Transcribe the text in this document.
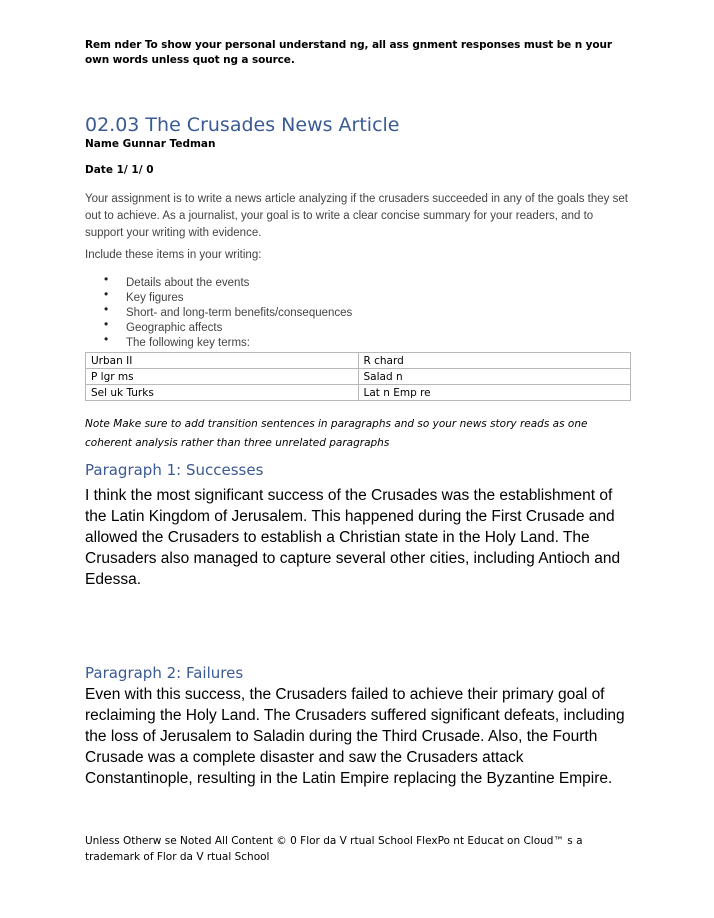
Rem nder To show your personal understand ng, all ass gnment responses must be n your own words unless quot ng a source.
02.03 The Crusades News Article
Name Gunnar Tedman
Date 1/ 1/ 0
Your assignment is to write a news article analyzing if the crusaders succeeded in any of the goals they set out to achieve. As a journalist, your goal is to write a clear concise summary for your readers, and to support your writing with evidence.
Include these items in your writing:
• Details about the events
• Key figures
• Short- and long-term benefits/consequences
• Geographic affects
• The following key terms:
Urban II	R chard
P lgr ms	Salad n
Sel uk Turks	Lat n Emp re
Note Make sure to add transition sentences in paragraphs and so your news story reads as one coherent analysis rather than three unrelated paragraphs
Paragraph 1: Successes
I think the most significant success of the Crusades was the establishment of the Latin Kingdom of Jerusalem. This happened during the First Crusade and allowed the Crusaders to establish a Christian state in the Holy Land. The Crusaders also managed to capture several other cities, including Antioch and Edessa.
Paragraph 2: Failures
Even with this success, the Crusaders failed to achieve their primary goal of reclaiming the Holy Land. The Crusaders suffered significant defeats, including the loss of Jerusalem to Saladin during the Third Crusade. Also, the Fourth Crusade was a complete disaster and saw the Crusaders attack Constantinople, resulting in the Latin Empire replacing the Byzantine Empire.
Unless Otherw se Noted All Content © 0 Flor da V rtual School FlexPo nt Educat on Cloud™ s a trademark of Flor da V rtual School
